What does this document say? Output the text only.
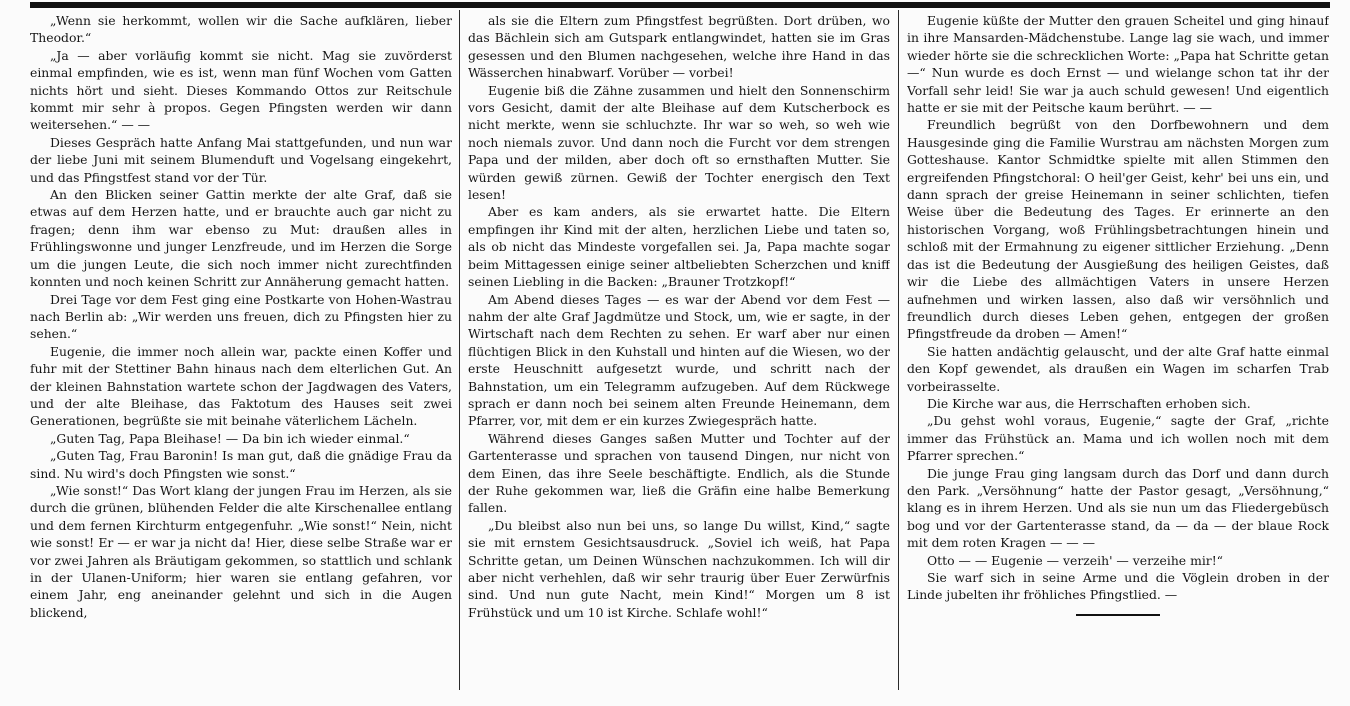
„Wenn sie herkommt, wollen wir die Sache aufklären, lieber Theodor.“

„Ja — aber vorläufig kommt sie nicht. Mag sie zuvörderst einmal empfinden, wie es ist, wenn man fünf Wochen vom Gatten nichts hört und sieht. Dieses Kommando Ottos zur Reitschule kommt mir sehr à propos. Gegen Pfingsten werden wir dann weitersehen.“ — —

Dieses Gespräch hatte Anfang Mai stattgefunden, und nun war der liebe Juni mit seinem Blumenduft und Vogelsang eingekehrt, und das Pfingstfest stand vor der Tür.

An den Blicken seiner Gattin merkte der alte Graf, daß sie etwas auf dem Herzen hatte, und er brauchte auch gar nicht zu fragen; denn ihm war ebenso zu Mut: draußen alles in Frühlingswonne und junger Lenzfreude, und im Herzen die Sorge um die jungen Leute, die sich noch immer nicht zurechtfinden konnten und noch keinen Schritt zur Annäherung gemacht hatten.

Drei Tage vor dem Fest ging eine Postkarte von Hohen-Wastrau nach Berlin ab: „Wir werden uns freuen, dich zu Pfingsten hier zu sehen.“

Eugenie, die immer noch allein war, packte einen Koffer und fuhr mit der Stettiner Bahn hinaus nach dem elterlichen Gut. An der kleinen Bahnstation wartete schon der Jagdwagen des Vaters, und der alte Bleihase, das Faktotum des Hauses seit zwei Generationen, begrüßte sie mit beinahe väterlichem Lächeln.

„Guten Tag, Papa Bleihase! — Da bin ich wieder einmal.“

„Guten Tag, Frau Baronin! Is man gut, daß die gnädige Frau da sind. Nu wird's doch Pfingsten wie sonst.“

„Wie sonst!“ Das Wort klang der jungen Frau im Herzen, als sie durch die grünen, blühenden Felder die alte Kirschenallee entlang und dem fernen Kirchturm entgegenfuhr. „Wie sonst!“ Nein, nicht wie sonst! Er — er war ja nicht da! Hier, diese selbe Straße war er vor zwei Jahren als Bräutigam gekommen, so stattlich und schlank in der Ulanen-Uniform; hier waren sie entlang gefahren, vor einem Jahr, eng aneinander gelehnt und sich in die Augen blickend,

als sie die Eltern zum Pfingstfest begrüßten. Dort drüben, wo das Bächlein sich am Gutspark entlangwindet, hatten sie im Gras gesessen und den Blumen nachgesehen, welche ihre Hand in das Wässerchen hinabwarf. Vorüber — vorbei!

Eugenie biß die Zähne zusammen und hielt den Sonnenschirm vors Gesicht, damit der alte Bleihase auf dem Kutscherbock es nicht merkte, wenn sie schluchzte. Ihr war so weh, so weh wie noch niemals zuvor. Und dann noch die Furcht vor dem strengen Papa und der milden, aber doch oft so ernsthaften Mutter. Sie würden gewiß zürnen. Gewiß der Tochter energisch den Text lesen!

Aber es kam anders, als sie erwartet hatte. Die Eltern empfingen ihr Kind mit der alten, herzlichen Liebe und taten so, als ob nicht das Mindeste vorgefallen sei. Ja, Papa machte sogar beim Mittagessen einige seiner altbeliebten Scherzchen und kniff seinen Liebling in die Backen: „Brauner Trotzkopf!“

Am Abend dieses Tages — es war der Abend vor dem Fest — nahm der alte Graf Jagdmütze und Stock, um, wie er sagte, in der Wirtschaft nach dem Rechten zu sehen. Er warf aber nur einen flüchtigen Blick in den Kuhstall und hinten auf die Wiesen, wo der erste Heuschnitt aufgesetzt wurde, und schritt nach der Bahnstation, um ein Telegramm aufzugeben. Auf dem Rückwege sprach er dann noch bei seinem alten Freunde Heinemann, dem Pfarrer, vor, mit dem er ein kurzes Zwiegespräch hatte.

Während dieses Ganges saßen Mutter und Tochter auf der Gartenterasse und sprachen von tausend Dingen, nur nicht von dem Einen, das ihre Seele beschäftigte. Endlich, als die Stunde der Ruhe gekommen war, ließ die Gräfin eine halbe Bemerkung fallen.

„Du bleibst also nun bei uns, so lange Du willst, Kind,“ sagte sie mit ernstem Gesichtsausdruck. „Soviel ich weiß, hat Papa Schritte getan, um Deinen Wünschen nachzukommen. Ich will dir aber nicht verhehlen, daß wir sehr traurig über Euer Zerwürfnis sind. Und nun gute Nacht, mein Kind!“ Morgen um 8 ist Frühstück und um 10 ist Kirche. Schlafe wohl!“

Eugenie küßte der Mutter den grauen Scheitel und ging hinauf in ihre Mansarden-Mädchenstube. Lange lag sie wach, und immer wieder hörte sie die schrecklichen Worte: „Papa hat Schritte getan —“ Nun wurde es doch Ernst — und wielange schon tat ihr der Vorfall sehr leid! Sie war ja auch schuld gewesen! Und eigentlich hatte er sie mit der Peitsche kaum berührt. — —

Freundlich begrüßt von den Dorfbewohnern und dem Hausgesinde ging die Familie Wurstrau am nächsten Morgen zum Gotteshause. Kantor Schmidtke spielte mit allen Stimmen den ergreifenden Pfingstchoral: O heil'ger Geist, kehr' bei uns ein, und dann sprach der greise Heinemann in seiner schlichten, tiefen Weise über die Bedeutung des Tages. Er erinnerte an den historischen Vorgang, woß Frühlingsbetrachtungen hinein und schloß mit der Ermahnung zu eigener sittlicher Erziehung. „Denn das ist die Bedeutung der Ausgießung des heiligen Geistes, daß wir die Liebe des allmächtigen Vaters in unsere Herzen aufnehmen und wirken lassen, also daß wir versöhnlich und freundlich durch dieses Leben gehen, entgegen der großen Pfingstfreude da droben — Amen!“

Sie hatten andächtig gelauscht, und der alte Graf hatte einmal den Kopf gewendet, als draußen ein Wagen im scharfen Trab vorbeirasselte.

Die Kirche war aus, die Herrschaften erhoben sich.

„Du gehst wohl voraus, Eugenie,“ sagte der Graf, „richte immer das Frühstück an. Mama und ich wollen noch mit dem Pfarrer sprechen.“

Die junge Frau ging langsam durch das Dorf und dann durch den Park. „Versöhnung“ hatte der Pastor gesagt, „Versöhnung,“ klang es in ihrem Herzen. Und als sie nun um das Fliedergebüsch bog und vor der Gartenterasse stand, da — da — der blaue Rock mit dem roten Kragen — — —

Otto — — Eugenie — verzeih' — verzeihe mir!“

Sie warf sich in seine Arme und die Vöglein droben in der Linde jubelten ihr fröhliches Pfingstlied. —
